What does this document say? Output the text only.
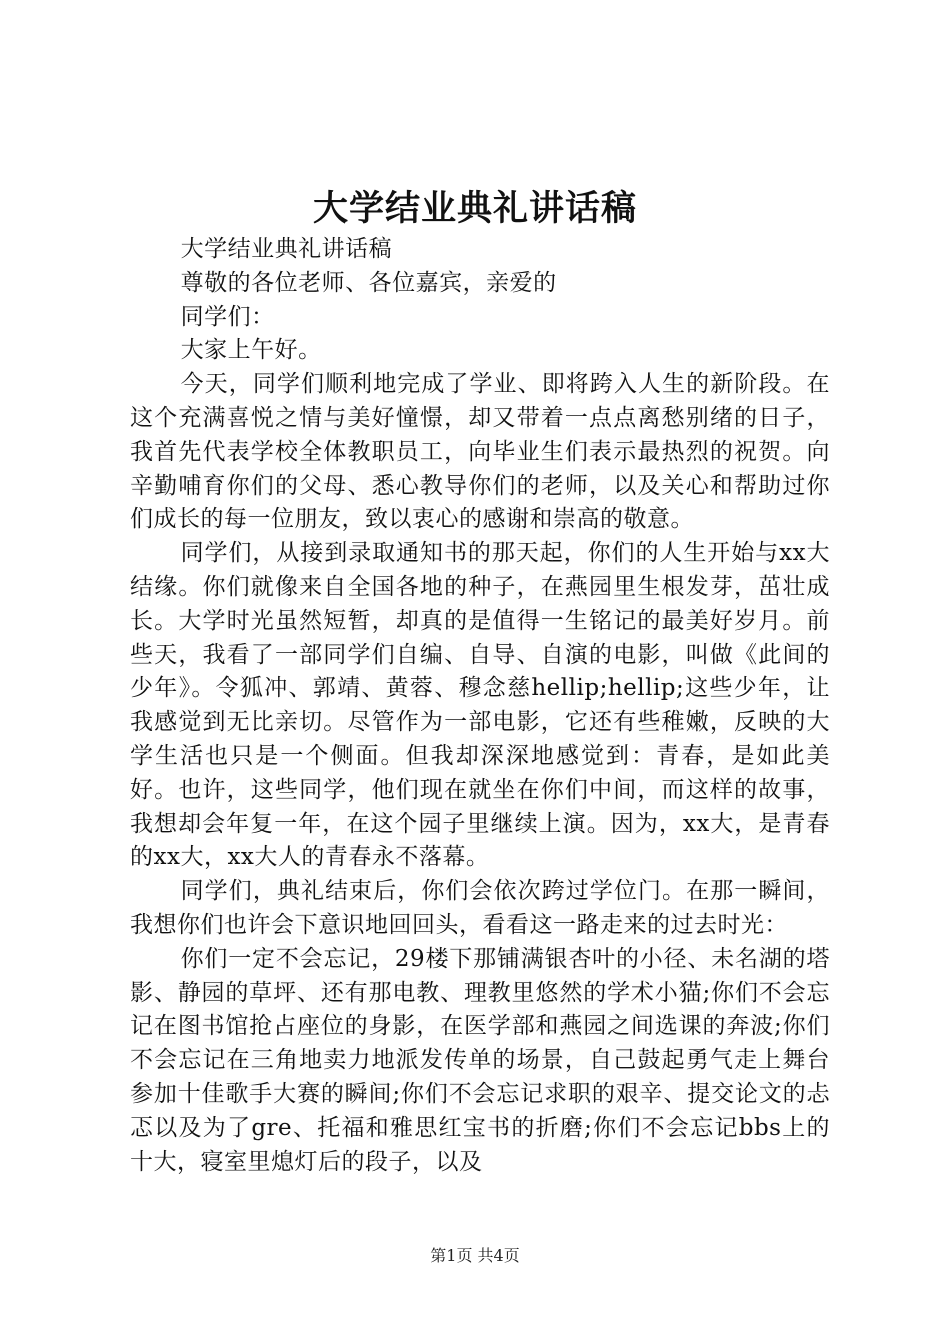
大学结业典礼讲话稿

大学结业典礼讲话稿

尊敬的各位老师、各位嘉宾，亲爱的

同学们：

大家上午好。

今天，同学们顺利地完成了学业、即将跨入人生的新阶段。在这个充满喜悦之情与美好憧憬，却又带着一点点离愁别绪的日子，我首先代表学校全体教职员工，向毕业生们表示最热烈的祝贺。向辛勤哺育你们的父母、悉心教导你们的老师，以及关心和帮助过你们成长的每一位朋友，致以衷心的感谢和崇高的敬意。

同学们，从接到录取通知书的那天起，你们的人生开始与xx大结缘。你们就像来自全国各地的种子，在燕园里生根发芽，茁壮成长。大学时光虽然短暂，却真的是值得一生铭记的最美好岁月。前些天，我看了一部同学们自编、自导、自演的电影，叫做《此间的少年》。令狐冲、郭靖、黄蓉、穆念慈hellip;hellip;这些少年，让我感觉到无比亲切。尽管作为一部电影，它还有些稚嫩，反映的大学生活也只是一个侧面。但我却深深地感觉到：青春，是如此美好。也许，这些同学，他们现在就坐在你们中间，而这样的故事，我想却会年复一年，在这个园子里继续上演。因为，xx大，是青春的xx大，xx大人的青春永不落幕。

同学们，典礼结束后，你们会依次跨过学位门。在那一瞬间，我想你们也许会下意识地回回头，看看这一路走来的过去时光：

你们一定不会忘记，29楼下那铺满银杏叶的小径、未名湖的塔影、静园的草坪、还有那电教、理教里悠然的学术小猫;你们不会忘记在图书馆抢占座位的身影，在医学部和燕园之间选课的奔波;你们不会忘记在三角地卖力地派发传单的场景，自己鼓起勇气走上舞台参加十佳歌手大赛的瞬间;你们不会忘记求职的艰辛、提交论文的忐忑以及为了gre、托福和雅思红宝书的折磨;你们不会忘记bbs上的十大，寝室里熄灯后的段子，以及

第1页 共4页
